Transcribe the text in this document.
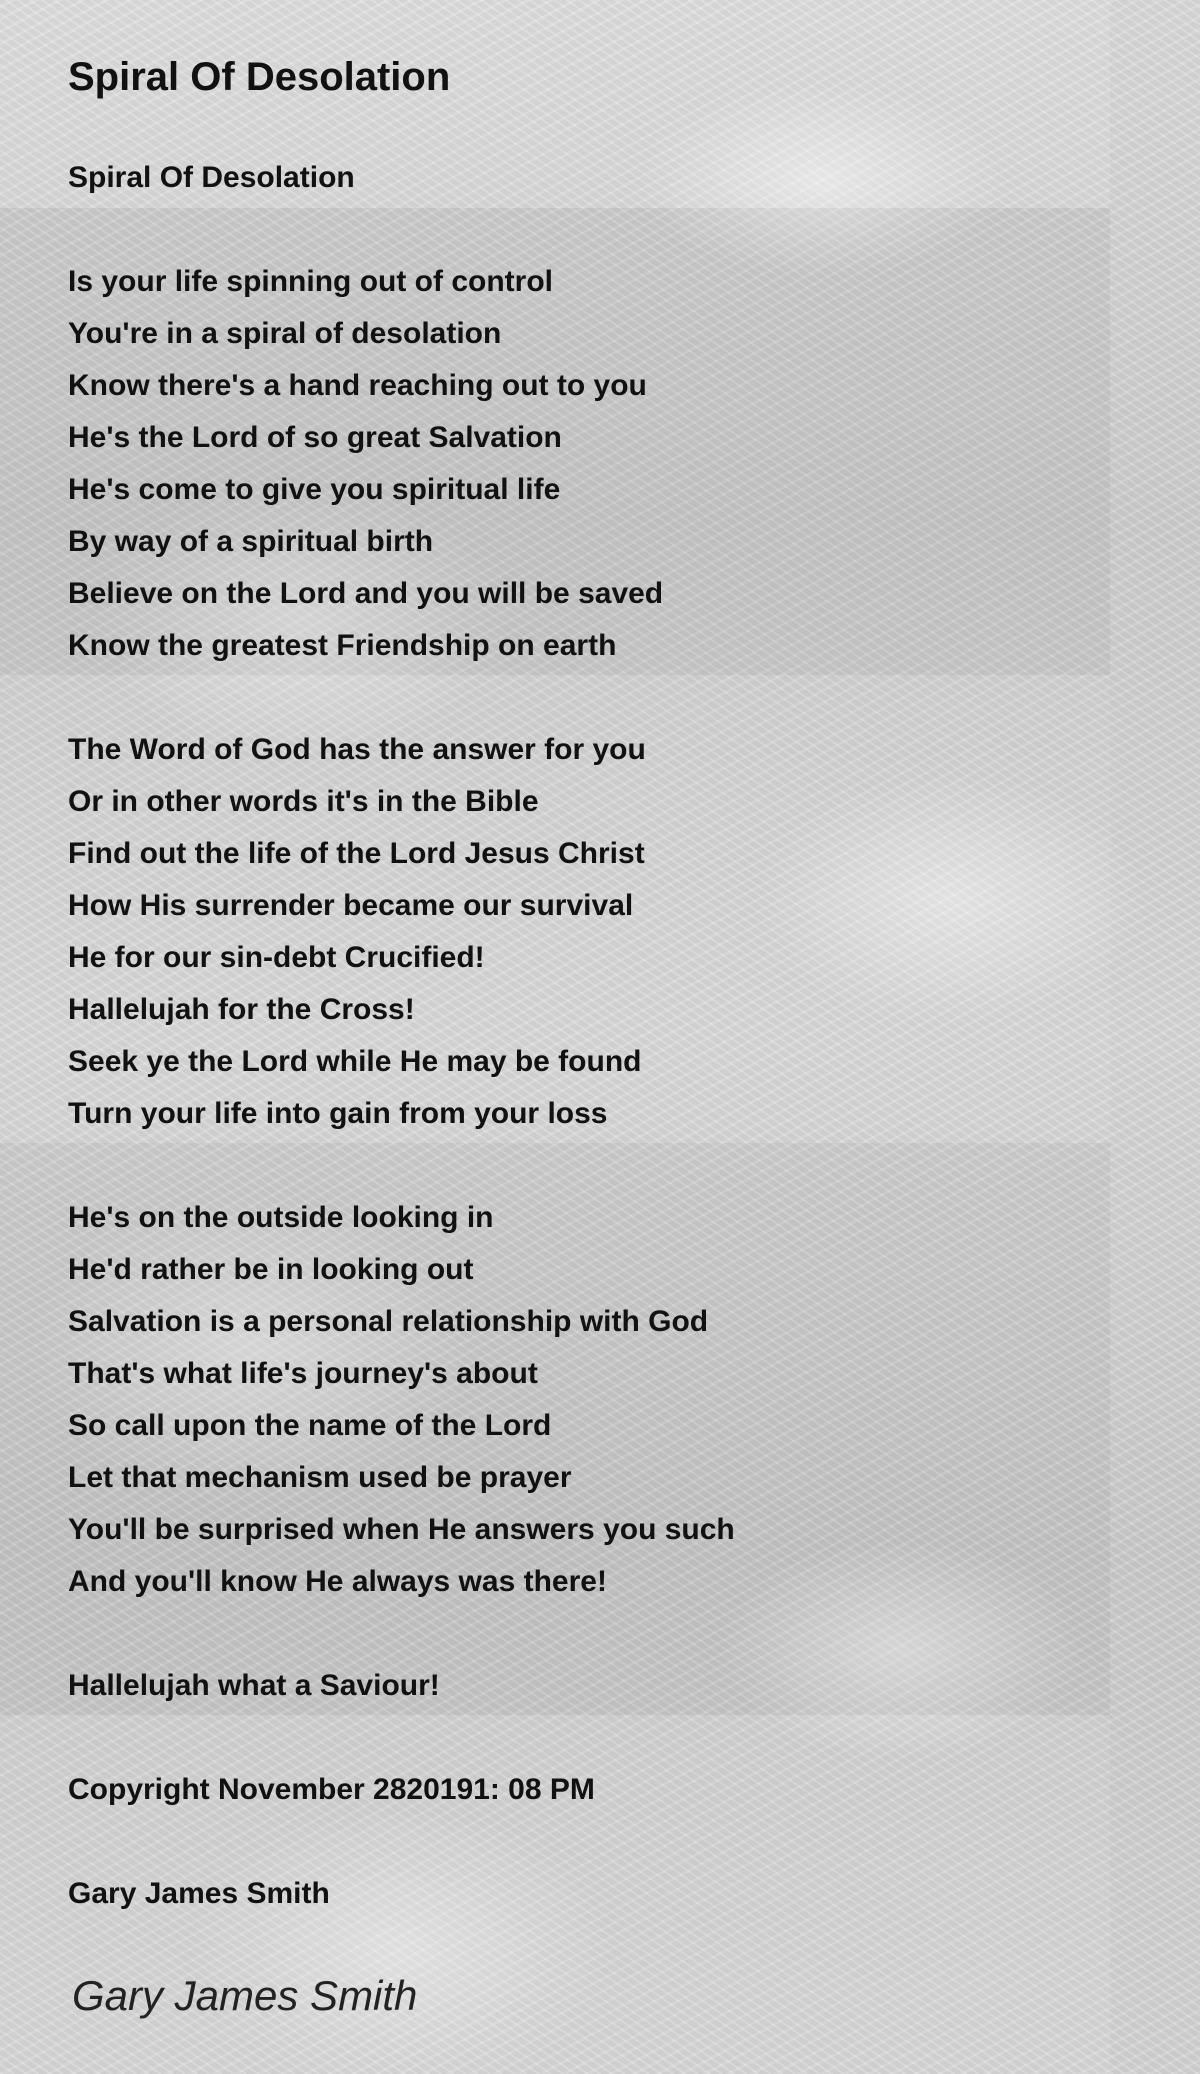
Spiral Of Desolation
Spiral Of Desolation
Is your life spinning out of control
You're in a spiral of desolation
Know there's a hand reaching out to you
He's the Lord of so great Salvation
He's come to give you spiritual life
By way of a spiritual birth
Believe on the Lord and you will be saved
Know the greatest Friendship on earth
The Word of God has the answer for you
Or in other words it's in the Bible
Find out the life of the Lord Jesus Christ
How His surrender became our survival
He for our sin-debt Crucified!
Hallelujah for the Cross!
Seek ye the Lord while He may be found
Turn your life into gain from your loss
He's on the outside looking in
He'd rather be in looking out
Salvation is a personal relationship with God
That's what life's journey's about
So call upon the name of the Lord
Let that mechanism used be prayer
You'll be surprised when He answers you such
And you'll know He always was there!
Hallelujah what a Saviour!
Copyright November 2820191: 08 PM
Gary James Smith
Gary James Smith
